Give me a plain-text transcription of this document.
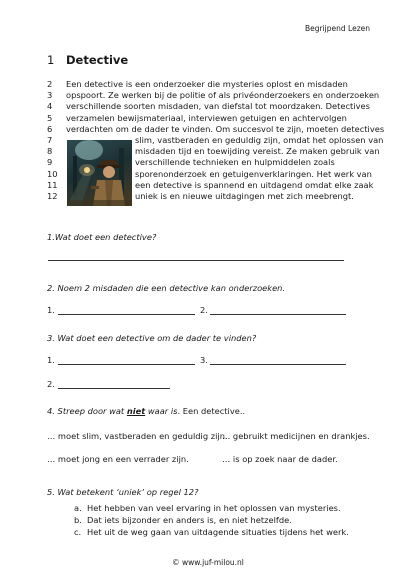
Begrijpend Lezen
1 Detective
2	Een detective is een onderzoeker die mysteries oplost en misdaden
3	opspoort. Ze werken bij de politie of als privéonderzoekers en onderzoeken
4	verschillende soorten misdaden, van diefstal tot moordzaken. Detectives
5	verzamelen bewijsmateriaal, interviewen getuigen en achtervolgen
6	verdachten om de dader te vinden. Om succesvol te zijn, moeten detectives
7	slim, vastberaden en geduldig zijn, omdat het oplossen van
8	misdaden tijd en toewijding vereist. Ze maken gebruik van
9	verschillende technieken en hulpmiddelen zoals
10	sporenonderzoek en getuigenverklaringen. Het werk van
11	een detective is spannend en uitdagend omdat elke zaak
12	uniek is en nieuwe uitdagingen met zich meebrengt.
1.Wat doet een detective?
2. Noem 2 misdaden die een detective kan onderzoeken.
1.	2.
3. Wat doet een detective om de dader te vinden?
1.	3.
2.
4. Streep door wat niet waar is. Een detective..
… moet slim, vastberaden en geduldig zijn.
… gebruikt medicijnen en drankjes.
… moet jong en een verrader zijn.	… is op zoek naar de dader.
5. Wat betekent ‘uniek’ op regel 12?
a. Het hebben van veel ervaring in het oplossen van mysteries.
b. Dat iets bijzonder en anders is, en niet hetzelfde.
c. Het uit de weg gaan van uitdagende situaties tijdens het werk.
© www.juf-milou.nl
